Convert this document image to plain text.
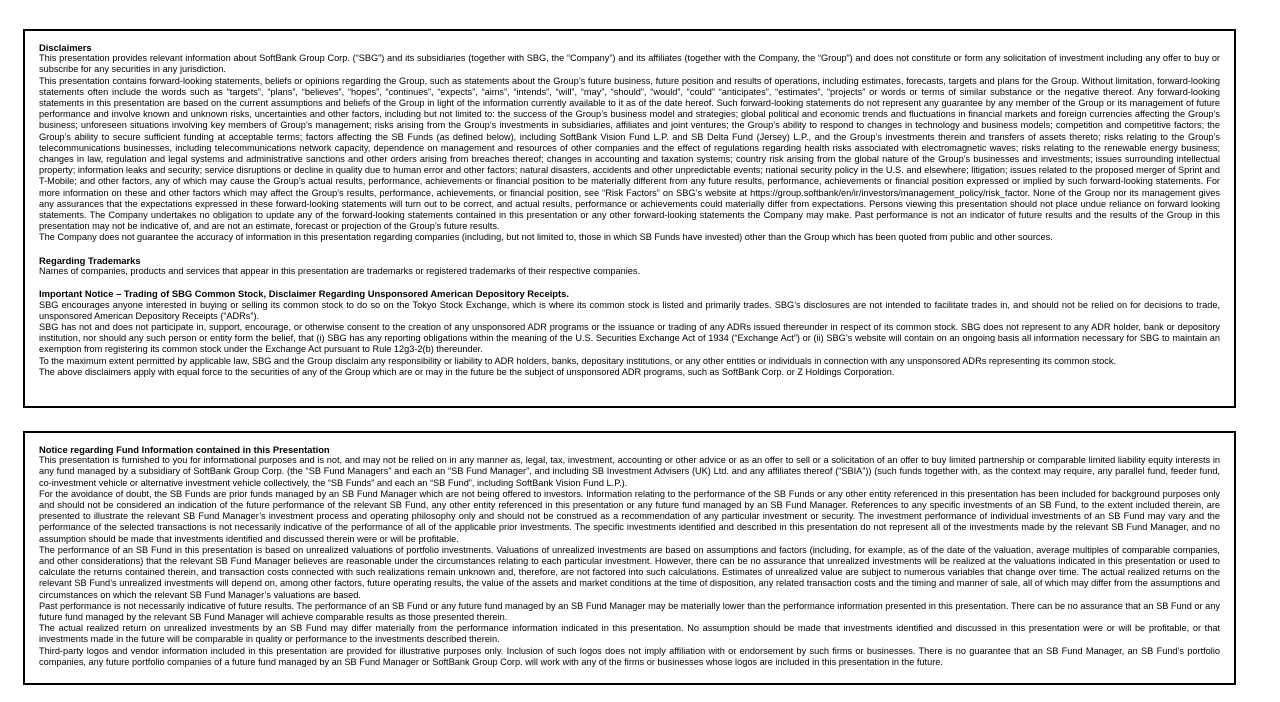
Disclaimers

This presentation provides relevant information about SoftBank Group Corp. (“SBG”) and its subsidiaries (together with SBG, the “Company”) and its affiliates (together with the Company, the “Group”) and does not constitute or form any solicitation of investment including any offer to buy or subscribe for any securities in any jurisdiction.

This presentation contains forward-looking statements, beliefs or opinions regarding the Group, such as statements about the Group’s future business, future position and results of operations, including estimates, forecasts, targets and plans for the Group. Without limitation, forward-looking statements often include the words such as “targets”, “plans”, “believes”, “hopes”, “continues”, “expects”, “aims”, “intends”, “will”, “may”, “should”, “would”, “could” “anticipates”, “estimates”, “projects” or words or terms of similar substance or the negative thereof. Any forward-looking statements in this presentation are based on the current assumptions and beliefs of the Group in light of the information currently available to it as of the date hereof. Such forward-looking statements do not represent any guarantee by any member of the Group or its management of future performance and involve known and unknown risks, uncertainties and other factors, including but not limited to: the success of the Group’s business model and strategies; global political and economic trends and fluctuations in financial markets and foreign currencies affecting the Group’s business; unforeseen situations involving key members of Group’s management; risks arising from the Group’s investments in subsidiaries, affiliates and joint ventures; the Group’s ability to respond to changes in technology and business models; competition and competitive factors; the Group’s ability to secure sufficient funding at acceptable terms; factors affecting the SB Funds (as defined below), including SoftBank Vision Fund L.P. and SB Delta Fund (Jersey) L.P., and the Group’s investments therein and transfers of assets thereto; risks relating to the Group’s telecommunications businesses, including telecommunications network capacity, dependence on management and resources of other companies and the effect of regulations regarding health risks associated with electromagnetic waves; risks relating to the renewable energy business; changes in law, regulation and legal systems and administrative sanctions and other orders arising from breaches thereof; changes in accounting and taxation systems; country risk arising from the global nature of the Group’s businesses and investments; issues surrounding intellectual property; information leaks and security; service disruptions or decline in quality due to human error and other factors; natural disasters, accidents and other unpredictable events; national security policy in the U.S. and elsewhere; litigation; issues related to the proposed merger of Sprint and T-Mobile; and other factors, any of which may cause the Group’s actual results, performance, achievements or financial position to be materially different from any future results, performance, achievements or financial position expressed or implied by such forward-looking statements. For more information on these and other factors which may affect the Group’s results, performance, achievements, or financial position, see “Risk Factors” on SBG’s website at https://group.softbank/en/ir/investors/management_policy/risk_factor. None of the Group nor its management gives any assurances that the expectations expressed in these forward-looking statements will turn out to be correct, and actual results, performance or achievements could materially differ from expectations. Persons viewing this presentation should not place undue reliance on forward looking statements. The Company undertakes no obligation to update any of the forward-looking statements contained in this presentation or any other forward-looking statements the Company may make. Past performance is not an indicator of future results and the results of the Group in this presentation may not be indicative of, and are not an estimate, forecast or projection of the Group’s future results.

The Company does not guarantee the accuracy of information in this presentation regarding companies (including, but not limited to, those in which SB Funds have invested) other than the Group which has been quoted from public and other sources.

Regarding Trademarks

Names of companies, products and services that appear in this presentation are trademarks or registered trademarks of their respective companies.

Important Notice – Trading of SBG Common Stock, Disclaimer Regarding Unsponsored American Depository Receipts.

SBG encourages anyone interested in buying or selling its common stock to do so on the Tokyo Stock Exchange, which is where its common stock is listed and primarily trades. SBG’s disclosures are not intended to facilitate trades in, and should not be relied on for decisions to trade, unsponsored American Depository Receipts (“ADRs”).

SBG has not and does not participate in, support, encourage, or otherwise consent to the creation of any unsponsored ADR programs or the issuance or trading of any ADRs issued thereunder in respect of its common stock. SBG does not represent to any ADR holder, bank or depository institution, nor should any such person or entity form the belief, that (i) SBG has any reporting obligations within the meaning of the U.S. Securities Exchange Act of 1934 (“Exchange Act”) or (ii) SBG’s website will contain on an ongoing basis all information necessary for SBG to maintain an exemption from registering its common stock under the Exchange Act pursuant to Rule 12g3-2(b) thereunder.

To the maximum extent permitted by applicable law, SBG and the Group disclaim any responsibility or liability to ADR holders, banks, depositary institutions, or any other entities or individuals in connection with any unsponsored ADRs representing its common stock.

The above disclaimers apply with equal force to the securities of any of the Group which are or may in the future be the subject of unsponsored ADR programs, such as SoftBank Corp. or Z Holdings Corporation.

Notice regarding Fund Information contained in this Presentation

This presentation is furnished to you for informational purposes and is not, and may not be relied on in any manner as, legal, tax, investment, accounting or other advice or as an offer to sell or a solicitation of an offer to buy limited partnership or comparable limited liability equity interests in any fund managed by a subsidiary of SoftBank Group Corp. (the “SB Fund Managers” and each an “SB Fund Manager”, and including SB Investment Advisers (UK) Ltd. and any affiliates thereof (“SBIA”)) (such funds together with, as the context may require, any parallel fund, feeder fund, co-investment vehicle or alternative investment vehicle collectively, the “SB Funds” and each an “SB Fund”, including SoftBank Vision Fund L.P.).

For the avoidance of doubt, the SB Funds are prior funds managed by an SB Fund Manager which are not being offered to investors. Information relating to the performance of the SB Funds or any other entity referenced in this presentation has been included for background purposes only and should not be considered an indication of the future performance of the relevant SB Fund, any other entity referenced in this presentation or any future fund managed by an SB Fund Manager. References to any specific investments of an SB Fund, to the extent included therein, are presented to illustrate the relevant SB Fund Manager’s investment process and operating philosophy only and should not be construed as a recommendation of any particular investment or security. The investment performance of individual investments of an SB Fund may vary and the performance of the selected transactions is not necessarily indicative of the performance of all of the applicable prior investments. The specific investments identified and described in this presentation do not represent all of the investments made by the relevant SB Fund Manager, and no assumption should be made that investments identified and discussed therein were or will be profitable.

The performance of an SB Fund in this presentation is based on unrealized valuations of portfolio investments. Valuations of unrealized investments are based on assumptions and factors (including, for example, as of the date of the valuation, average multiples of comparable companies, and other considerations) that the relevant SB Fund Manager believes are reasonable under the circumstances relating to each particular investment. However, there can be no assurance that unrealized investments will be realized at the valuations indicated in this presentation or used to calculate the returns contained therein, and transaction costs connected with such realizations remain unknown and, therefore, are not factored into such calculations. Estimates of unrealized value are subject to numerous variables that change over time. The actual realized returns on the relevant SB Fund’s unrealized investments will depend on, among other factors, future operating results, the value of the assets and market conditions at the time of disposition, any related transaction costs and the timing and manner of sale, all of which may differ from the assumptions and circumstances on which the relevant SB Fund Manager’s valuations are based.

Past performance is not necessarily indicative of future results. The performance of an SB Fund or any future fund managed by an SB Fund Manager may be materially lower than the performance information presented in this presentation. There can be no assurance that an SB Fund or any future fund managed by the relevant SB Fund Manager will achieve comparable results as those presented therein.

The actual realized return on unrealized investments by an SB Fund may differ materially from the performance information indicated in this presentation. No assumption should be made that investments identified and discussed in this presentation were or will be profitable, or that investments made in the future will be comparable in quality or performance to the investments described therein.

Third-party logos and vendor information included in this presentation are provided for illustrative purposes only. Inclusion of such logos does not imply affiliation with or endorsement by such firms or businesses. There is no guarantee that an SB Fund Manager, an SB Fund’s portfolio companies, any future portfolio companies of a future fund managed by an SB Fund Manager or SoftBank Group Corp. will work with any of the firms or businesses whose logos are included in this presentation in the future.
